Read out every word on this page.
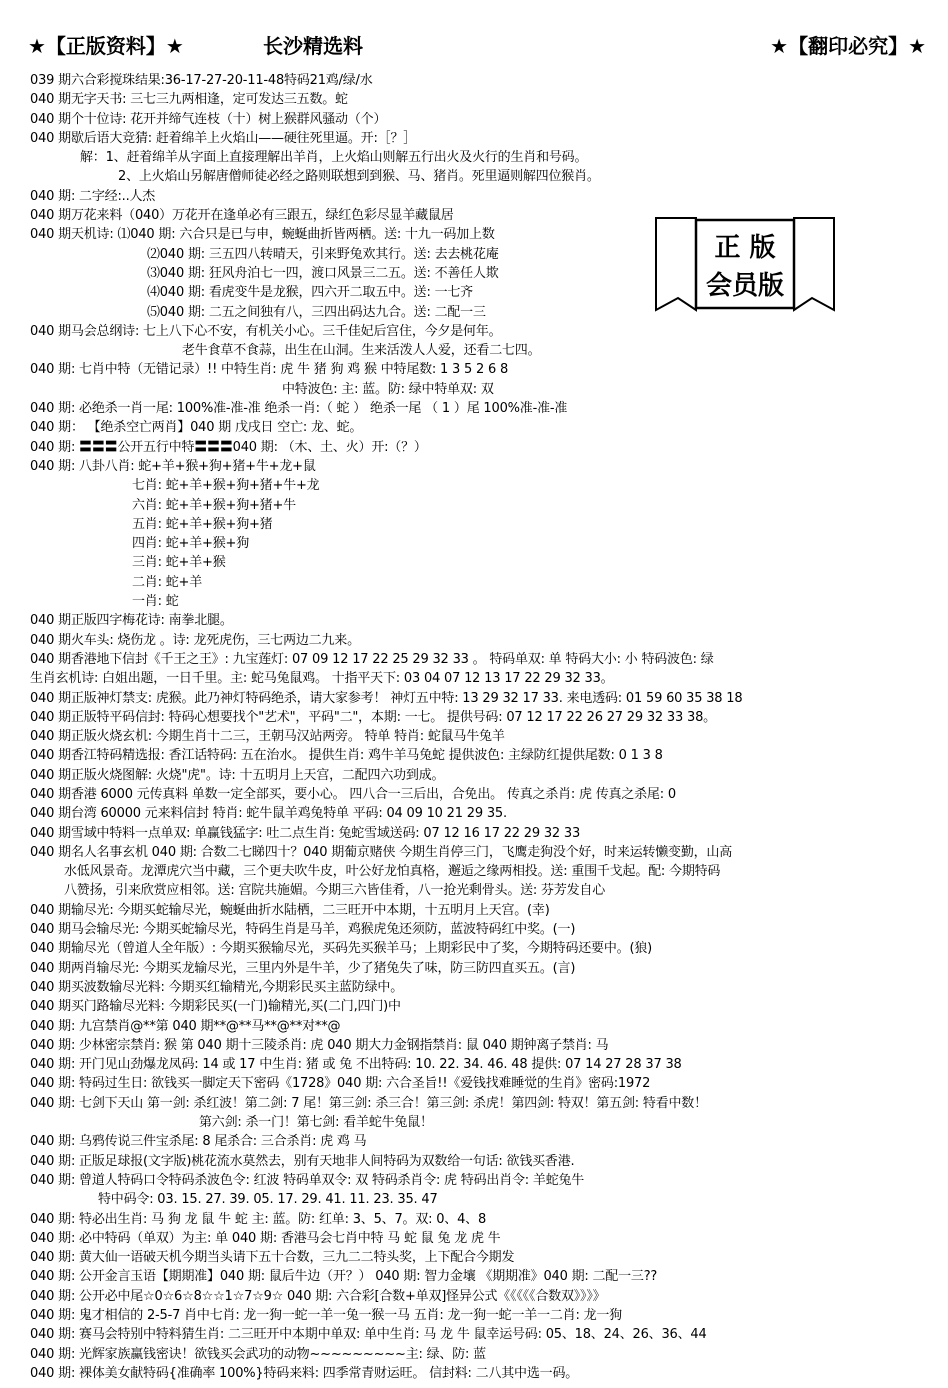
★【正版资料】★	长沙精选料	★【翻印必究】★
039 期六合彩搅珠结果:36-17-27-20-11-48特码21鸡/绿/水
040 期无字天书: 三七三九两相逢，定可发达三五数。蛇
040 期个十位诗: 花开并缔气连枝（十）树上猴群风骚动（个）
040 期歇后语大竞猜: 赶着绵羊上火焰山——硬往死里逼。开:［？］
解：1、赶着绵羊从字面上直接理解出羊肖，上火焰山则解五行出火及火行的生肖和号码。
2、上火焰山另解唐僧师徒必经之路则联想到到猴、马、猪肖。死里逼则解四位猴肖。
040 期: 二字经:..人杰
040 期万花来料（040）万花开在逢单必有三跟五，绿红色彩尽显羊藏鼠居
040 期天机诗: ⑴040 期: 六合只是已与申，蜿蜒曲折皆两栖。送: 十九一码加上数
⑵040 期: 三五四八转晴天，引来野兔欢其行。送: 去去桃花庵
⑶040 期: 狂风舟泊七一四，渡口风景三二五。送: 不善任人欺
⑷040 期: 看虎变牛是龙猴，四六开二取五中。送: 一七齐
⑸040 期: 二五之间独有八，三四出码达九合。送: 二配一三
040 期马会总纲诗: 七上八下心不安，有机关小心。三千佳妃后宫住，今夕是何年。
老牛食草不食蒜，出生在山洞。生来活泼人人爱，还看二七四。
040 期: 七肖中特（无错记录）!! 中特生肖: 虎 牛 猪 狗 鸡 猴 中特尾数: 1 3 5 2 6 8
中特波色: 主: 蓝。防: 绿中特单双: 双
040 期: 必绝杀一肖一尾: 100%准-准-准 绝杀一肖:（ 蛇 ） 绝杀一尾 （ 1 ）尾 100%准-准-准
040 期： 【绝杀空亡两肖】040 期 戊戌日 空亡: 龙、蛇。
040 期: 〓〓〓公开五行中特〓〓〓040 期: （木、土、火）开:（？）
040 期: 八卦八肖: 蛇+羊+猴+狗+猪+牛+龙+鼠
七肖: 蛇+羊+猴+狗+猪+牛+龙
六肖: 蛇+羊+猴+狗+猪+牛
五肖: 蛇+羊+猴+狗+猪
四肖: 蛇+羊+猴+狗
三肖: 蛇+羊+猴
二肖: 蛇+羊
一肖: 蛇
040 期正版四字梅花诗: 南拳北腿。
040 期火车头: 烧伤龙 。诗: 龙死虎伤，三七两边二九来。
040 期香港地下信封《千王之王》: 九宝莲灯: 07 09 12 17 22 25 29 32 33 。 特码单双: 单 特码大小: 小 特码波色: 绿
生肖玄机诗: 白姐出题，一日千里。主: 蛇马兔鼠鸡。 十指平天下: 03 04 07 12 13 17 22 29 32 33。
040 期正版神灯禁支: 虎猴。此乃神灯特码绝杀，请大家参考！ 神灯五中特: 13 29 32 17 33. 来电透码: 01 59 60 35 38 18
040 期正版特平码信封: 特码心想要找个"艺术"，平码"二"，本期: 一七。 提供号码: 07 12 17 22 26 27 29 32 33 38。
040 期正版火烧玄机: 今期生肖十二三，王朝马汉站两旁。 特单 特肖: 蛇鼠马牛兔羊
040 期香江特码精选报: 香江话特码: 五在治水。 提供生肖: 鸡牛羊马兔蛇 提供波色: 主绿防红提供尾数: 0 1 3 8
040 期正版火烧图解: 火烧"虎"。诗: 十五明月上天宫，二配四六功到成。
040 期香港 6000 元传真料 单数一定全部买，要小心。 四八合一三后出，合免出。 传真之杀肖: 虎 传真之杀尾: 0
040 期台湾 60000 元来料信封 特肖: 蛇牛鼠羊鸡兔特单 平码: 04 09 10 21 29 35.
040 期雪域中特料一点单双: 单赢钱猛字: 吐二点生肖: 兔蛇雪域送码: 07 12 16 17 22 29 32 33
040 期名人名事玄机 040 期: 合数二七睇四十？040 期葡京赌侠 今期生肖停三门，飞鹰走狗没个好，时来运转懒变勤，山高
水低风景奇。龙潭虎穴当中藏，三个更夫吹牛皮，叶公好龙怕真格，邂逅之缘两相投。送: 重围千戈起。配: 今期特码
八赞扬，引来欣赏应相邻。送: 宫院共施媚。今期三六皆佳肴，八一抢光剩骨头。送: 芬芳发自心
040 期输尽光: 今期买蛇输尽光，蜿蜒曲折水陆栖，二三旺开中本期，十五明月上天宫。(幸)
040 期马会输尽光: 今期买蛇输尽光，特码生肖是马羊，鸡猴虎兔还须防，蓝波特码红中奖。(一)
040 期输尽光（曾道人全年版）: 今期买猴输尽光，买码先买猴羊马；上期彩民中了奖，今期特码还要中。(狼)
040 期两肖输尽光: 今期买龙输尽光，三里内外是牛羊，少了猪兔失了味，防三防四直买五。(言)
040 期买波数输尽光料: 今期买红输精光,今期彩民买主蓝防绿中。
040 期买门路输尽光料: 今期彩民买(一门)输精光,买(二门,四门)中
040 期: 九宫禁肖@**第 040 期**@**马**@**对**@
040 期: 少林密宗禁肖: 猴 第 040 期十三陵杀肖: 虎 040 期大力金钢指禁肖: 鼠 040 期钟离子禁肖: 马
040 期: 开门见山劲爆龙凤码: 14 或 17 中生肖: 猪 或 兔 不出特码: 10. 22. 34. 46. 48 提供: 07 14 27 28 37 38
040 期: 特码过生日: 欲钱买一脚定天下密码《1728》040 期: 六合圣旨!!《爱钱找难睡觉的生肖》密码:1972
040 期: 七剑下天山 第一剑: 杀红波！第二剑: 7 尾！第三剑: 杀三合！第三剑: 杀虎！第四剑: 特双！第五剑: 特看中数！
第六剑: 杀一门！第七剑: 看羊蛇牛兔鼠！
040 期: 乌鸦传说三件宝杀尾: 8 尾杀合: 三合杀肖: 虎 鸡 马
040 期: 正版足球报(文字版)桃花流水莫然去，别有天地非人间特码为双数给一句话: 欲钱买香港.
040 期: 曾道人特码口令特码杀波色令: 红波 特码单双令: 双 特码杀肖令: 虎 特码出肖令: 羊蛇兔牛
特中码令: 03. 15. 27. 39. 05. 17. 29. 41. 11. 23. 35. 47
040 期: 特必出生肖: 马 狗 龙 鼠 牛 蛇 主: 蓝。防: 红单: 3、5、7。双: 0、4、8
040 期: 必中特码（单双）为主: 单 040 期: 香港马会七肖中特 马 蛇 鼠 兔 龙 虎 牛
040 期: 黄大仙一语破天机今期当头请下五十合数，三九二二特头奖，上下配合今期发
040 期: 公开金言玉语【期期准】040 期: 鼠后牛边（开？） 040 期: 智力金壤 《期期准》040 期: 二配一三??
040 期: 公开必中尾☆0☆6☆8☆☆1☆7☆9☆ 040 期: 六合彩[合数+单双]怪异公式《《《《《合数双》》》》
040 期: 鬼才相信的 2-5-7 肖中七肖: 龙一狗一蛇一羊一兔一猴一马 五肖: 龙一狗一蛇一羊一二肖: 龙一狗
040 期: 赛马会特别中特料猜生肖: 二三旺开中本期中单双: 单中生肖: 马 龙 牛 鼠幸运号码: 05、18、24、26、36、44
040 期: 光辉家族赢钱密诀！欲钱买会武功的动物~~~~~~~~~主: 绿、防: 蓝
040 期: 裸体美女献特码{准确率 100%}特码来料: 四季常青财运旺。 信封料: 二八其中选一码。
正 版
会员版
